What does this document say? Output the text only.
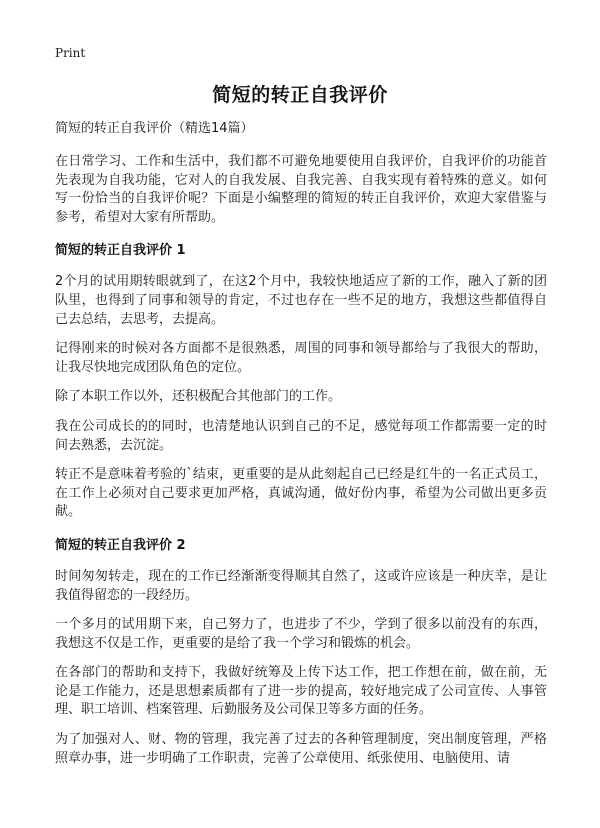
Print
简短的转正自我评价
简短的转正自我评价（精选14篇）

在日常学习、工作和生活中，我们都不可避免地要使用自我评价，自我评价的功能首先表现为自我功能，它对人的自我发展、自我完善、自我实现有着特殊的意义。如何写一份恰当的自我评价呢？下面是小编整理的简短的转正自我评价，欢迎大家借鉴与参考，希望对大家有所帮助。

简短的转正自我评价 1

2个月的试用期转眼就到了，在这2个月中，我较快地适应了新的工作，融入了新的团队里，也得到了同事和领导的肯定，不过也存在一些不足的地方，我想这些都值得自己去总结，去思考，去提高。

记得刚来的时候对各方面都不是很熟悉，周围的同事和领导都给与了我很大的帮助，让我尽快地完成团队角色的定位。

除了本职工作以外，还积极配合其他部门的工作。

我在公司成长的的同时，也清楚地认识到自己的不足，感觉每项工作都需要一定的时间去熟悉，去沉淀。

转正不是意味着考验的`结束，更重要的是从此刻起自己已经是红牛的一名正式员工，在工作上必须对自己要求更加严格，真诚沟通，做好份内事，希望为公司做出更多贡献。

简短的转正自我评价 2

时间匆匆转走，现在的工作已经渐渐变得顺其自然了，这或许应该是一种庆幸，是让我值得留恋的一段经历。

一个多月的试用期下来，自己努力了，也进步了不少，学到了很多以前没有的东西，我想这不仅是工作，更重要的是给了我一个学习和锻炼的机会。

在各部门的帮助和支持下，我做好统筹及上传下达工作，把工作想在前，做在前，无论是工作能力，还是思想素质都有了进一步的提高，较好地完成了公司宣传、人事管理、职工培训、档案管理、后勤服务及公司保卫等多方面的任务。

为了加强对人、财、物的管理，我完善了过去的各种管理制度，突出制度管理，严格照章办事，进一步明确了工作职责，完善了公章使用、纸张使用、电脑使用、请
